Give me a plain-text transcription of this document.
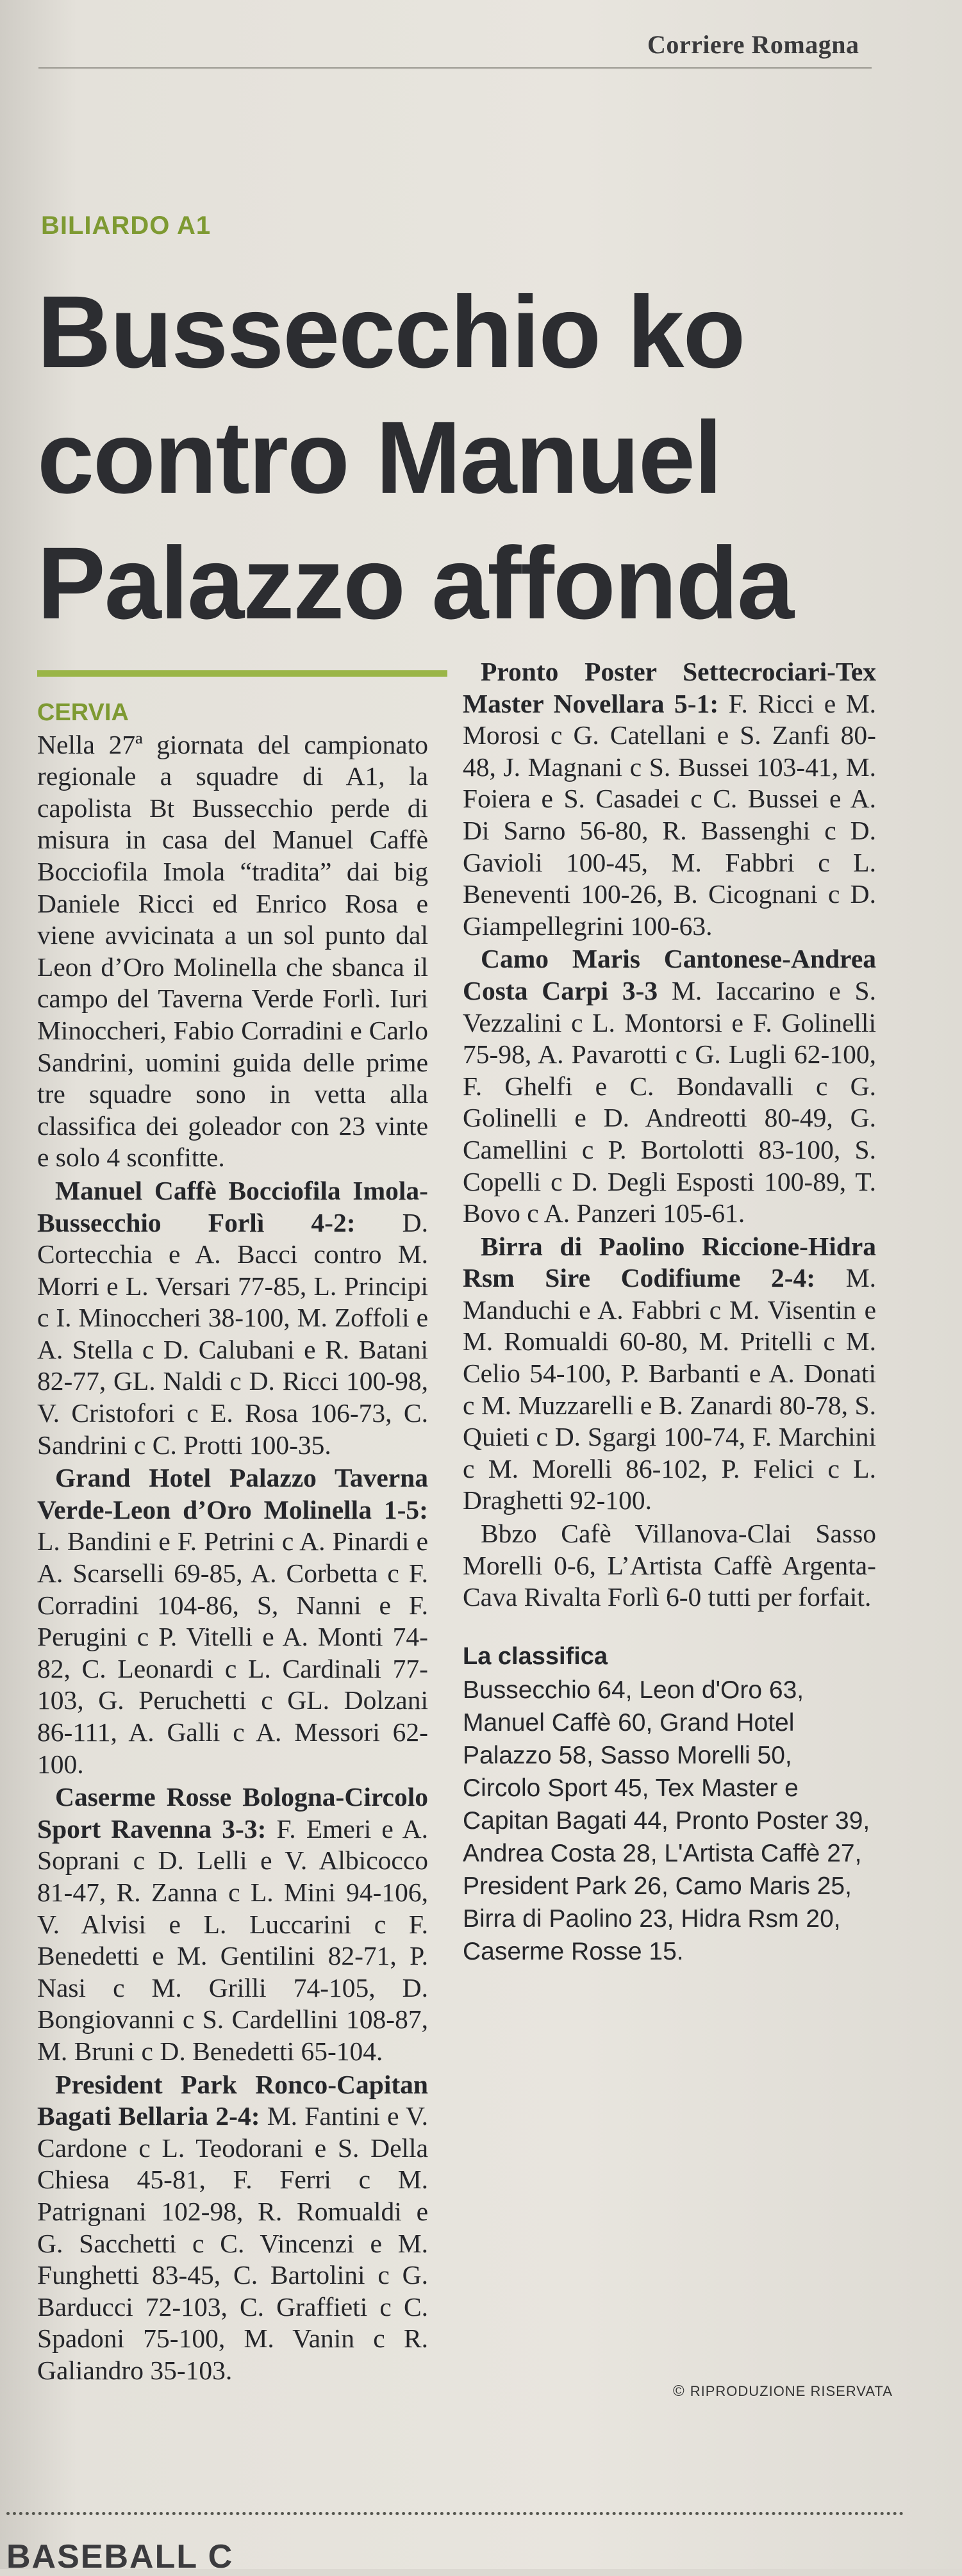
Corriere Romagna
BILIARDO A1
Bussecchio ko
contro Manuel
Palazzo affonda
CERVIA

Nella 27ª giornata del campionato regionale a squadre di A1, la capolista Bt Bussecchio perde di misura in casa del Manuel Caffè Bocciofila Imola “tradita” dai big Daniele Ricci ed Enrico Rosa e viene avvicinata a un sol punto dal Leon d’Oro Molinella che sbanca il campo del Taverna Verde Forlì. Iuri Minoccheri, Fabio Corradini e Carlo Sandrini, uomini guida delle prime tre squadre sono in vetta alla classifica dei goleador con 23 vinte e solo 4 sconfitte.

Manuel Caffè Bocciofila Imola-Bussecchio Forlì 4-2: D. Cortecchia e A. Bacci contro M. Morri e L. Versari 77-85, L. Principi c I. Minoccheri 38-100, M. Zoffoli e A. Stella c D. Calubani e R. Batani 82-77, GL. Naldi c D. Ricci 100-98, V. Cristofori c E. Rosa 106-73, C. Sandrini c C. Protti 100-35.

Grand Hotel Palazzo Taverna Verde-Leon d’Oro Molinella 1-5: L. Bandini e F. Petrini c A. Pinardi e A. Scarselli 69-85, A. Corbetta c F. Corradini 104-86, S, Nanni e F. Perugini c P. Vitelli e A. Monti 74-82, C. Leonardi c L. Cardinali 77-103, G. Peruchetti c GL. Dolzani 86-111, A. Galli c A. Messori 62-100.

Caserme Rosse Bologna-Circolo Sport Ravenna 3-3: F. Emeri e A. Soprani c D. Lelli e V. Albicocco 81-47, R. Zanna c L. Mini 94-106, V. Alvisi e L. Luccarini c F. Benedetti e M. Gentilini 82-71, P. Nasi c M. Grilli 74-105, D. Bongiovanni c S. Cardellini 108-87, M. Bruni c D. Benedetti 65-104.

President Park Ronco-Capitan Bagati Bellaria 2-4: M. Fantini e V. Cardone c L. Teodorani e S. Della Chiesa 45-81, F. Ferri c M. Patrignani 102-98, R. Romualdi e G. Sacchetti c C. Vincenzi e M. Funghetti 83-45, C. Bartolini c G. Barducci 72-103, C. Graffieti c C. Spadoni 75-100, M. Vanin c R. Galiandro 35-103.

Pronto Poster Settecrociari-Tex Master Novellara 5-1: F. Ricci e M. Morosi c G. Catellani e S. Zanfi 80-48, J. Magnani c S. Bussei 103-41, M. Foiera e S. Casadei c C. Bussei e A. Di Sarno 56-80, R. Bassenghi c D. Gavioli 100-45, M. Fabbri c L. Beneventi 100-26, B. Cicognani c D. Giampellegrini 100-63.

Camo Maris Cantonese-Andrea Costa Carpi 3-3 M. Iaccarino e S. Vezzalini c L. Montorsi e F. Golinelli 75-98, A. Pavarotti c G. Lugli 62-100, F. Ghelfi e C. Bondavalli c G. Golinelli e D. Andreotti 80-49, G. Camellini c P. Bortolotti 83-100, S. Copelli c D. Degli Esposti 100-89, T. Bovo c A. Panzeri 105-61.

Birra di Paolino Riccione-Hidra Rsm Sire Codifiume 2-4: M. Manduchi e A. Fabbri c M. Visentin e M. Romualdi 60-80, M. Pritelli c M. Celio 54-100, P. Barbanti e A. Donati c M. Muzzarelli e B. Zanardi 80-78, S. Quieti c D. Sgargi 100-74, F. Marchini c M. Morelli 86-102, P. Felici c L. Draghetti 92-100.

Bbzo Cafè Villanova-Clai Sasso Morelli 0-6, L’Artista Caffè Argenta-Cava Rivalta Forlì 6-0 tutti per forfait.

La classifica

Bussecchio 64, Leon d'Oro 63, Manuel Caffè 60, Grand Hotel Palazzo 58, Sasso Morelli 50, Circolo Sport 45, Tex Master e Capitan Bagati 44, Pronto Poster 39, Andrea Costa 28, L'Artista Caffè 27, President Park 26, Camo Maris 25, Birra di Paolino 23, Hidra Rsm 20, Caserme Rosse 15.

© RIPRODUZIONE RISERVATA
BASEBALL C
